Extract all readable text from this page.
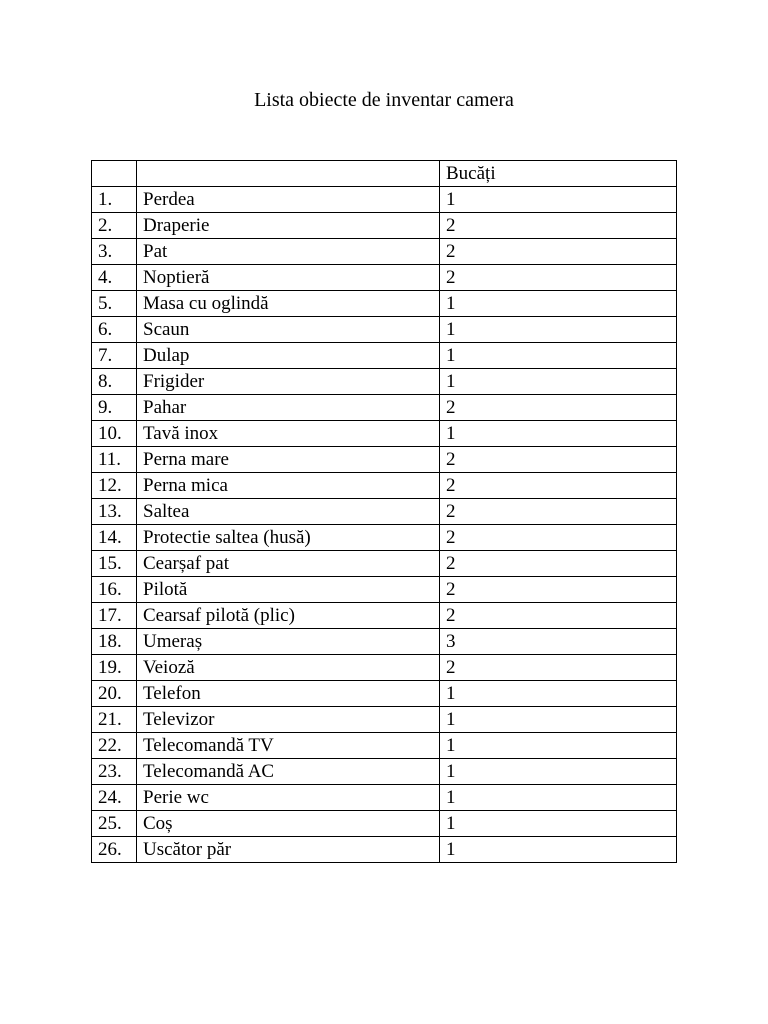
Lista obiecte de inventar camera
		Bucăți
1.	Perdea	1
2.	Draperie	2
3.	Pat	2
4.	Noptieră	2
5.	Masa cu oglindă	1
6.	Scaun	1
7.	Dulap	1
8.	Frigider	1
9.	Pahar	2
10.	Tavă inox	1
11.	Perna mare	2
12.	Perna mica	2
13.	Saltea	2
14.	Protectie saltea (husă)	2
15.	Cearșaf pat	2
16.	Pilotă	2
17.	Cearsaf pilotă (plic)	2
18.	Umeraș	3
19.	Veioză	2
20.	Telefon	1
21.	Televizor	1
22.	Telecomandă TV	1
23.	Telecomandă AC	1
24.	Perie wc	1
25.	Coș	1
26.	Uscător păr	1
